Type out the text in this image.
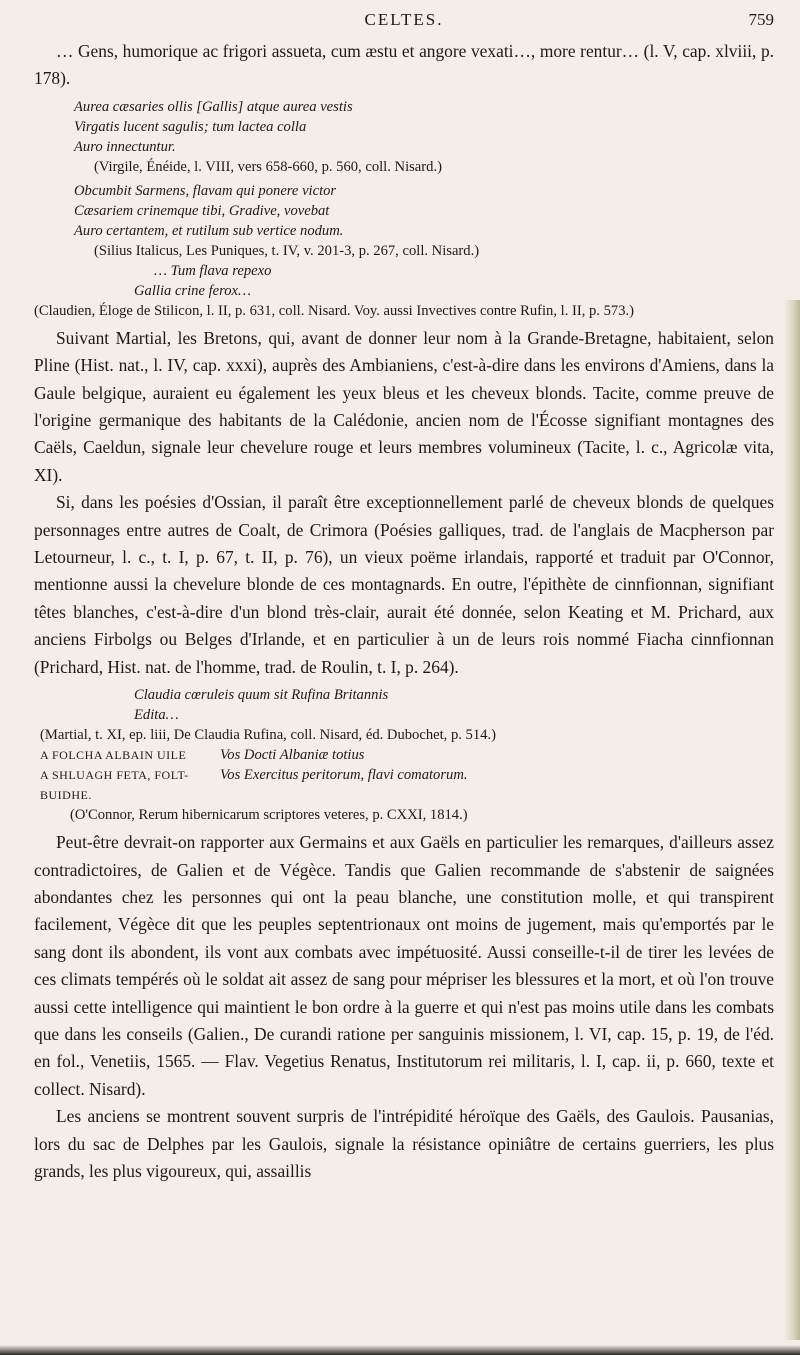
CELTES.	759

… Gens, humorique ac frigori assueta, cum æstu et angore vexati…, more rentur… (l. V, cap. xlviii, p. 178).

Aurea cæsaries ollis [Gallis] atque aurea vestis
Virgatis lucent sagulis; tum lactea colla
Auro innectuntur.
(Virgile, Énéide, l. VIII, vers 658-660, p. 560, coll. Nisard.)
Obcumbit Sarmens, flavam qui ponere victor
Cæsariem crinemque tibi, Gradive, vovebat
Auro certantem, et rutilum sub vertice nodum.
(Silius Italicus, Les Puniques, t. IV, v. 201-3, p. 267, coll. Nisard.)
… Tum flava repexo
Gallia crine ferox…
(Claudien, Éloge de Stilicon, l. II, p. 631, coll. Nisard. Voy. aussi Invectives contre Rufin, l. II, p. 573.)

Suivant Martial, les Bretons, qui, avant de donner leur nom à la Grande-Bretagne, habitaient, selon Pline (Hist. nat., l. IV, cap. xxxi), auprès des Ambianiens, c'est-à-dire dans les environs d'Amiens, dans la Gaule belgique, auraient eu également les yeux bleus et les cheveux blonds. Tacite, comme preuve de l'origine germanique des habitants de la Calédonie, ancien nom de l'Écosse signifiant montagnes des Caëls, Caeldun, signale leur chevelure rouge et leurs membres volumineux (Tacite, l. c., Agricolæ vita, XI).

Si, dans les poésies d'Ossian, il paraît être exceptionnellement parlé de cheveux blonds de quelques personnages entre autres de Coalt, de Crimora (Poésies galliques, trad. de l'anglais de Macpherson par Letourneur, l. c., t. I, p. 67, t. II, p. 76), un vieux poëme irlandais, rapporté et traduit par O'Connor, mentionne aussi la chevelure blonde de ces montagnards. En outre, l'épithète de cinnfionnan, signifiant têtes blanches, c'est-à-dire d'un blond très-clair, aurait été donnée, selon Keating et M. Prichard, aux anciens Firbolgs ou Belges d'Irlande, et en particulier à un de leurs rois nommé Fiacha cinnfionnan (Prichard, Hist. nat. de l'homme, trad. de Roulin, t. I, p. 264).

Claudia cœruleis quum sit Rufina Britannis
Edita…
(Martial, t. XI, ep. liii, De Claudia Rufina, coll. Nisard, éd. Dubochet, p. 514.)
A FOLCHA ALBAIN UILE	Vos Docti Albaniæ totius
A SHLUAGH FETA, FOLT-BUIDHE.
Vos Exercitus peritorum, flavi comatorum.
(O'Connor, Rerum hibernicarum scriptores veteres, p. CXXI, 1814.)

Peut-être devrait-on rapporter aux Germains et aux Gaëls en particulier les remarques, d'ailleurs assez contradictoires, de Galien et de Végèce. Tandis que Galien recommande de s'abstenir de saignées abondantes chez les personnes qui ont la peau blanche, une constitution molle, et qui transpirent facilement, Végèce dit que les peuples septentrionaux ont moins de jugement, mais qu'emportés par le sang dont ils abondent, ils vont aux combats avec impétuosité. Aussi conseille-t-il de tirer les levées de ces climats tempérés où le soldat ait assez de sang pour mépriser les blessures et la mort, et où l'on trouve aussi cette intelligence qui maintient le bon ordre à la guerre et qui n'est pas moins utile dans les combats que dans les conseils (Galien., De curandi ratione per sanguinis missionem, l. VI, cap. 15, p. 19, de l'éd. en fol., Venetiis, 1565. — Flav. Vegetius Renatus, Institutorum rei militaris, l. I, cap. ii, p. 660, texte et collect. Nisard).

Les anciens se montrent souvent surpris de l'intrépidité héroïque des Gaëls, des Gaulois. Pausanias, lors du sac de Delphes par les Gaulois, signale la résistance opiniâtre de certains guerriers, les plus grands, les plus vigoureux, qui, assaillis
